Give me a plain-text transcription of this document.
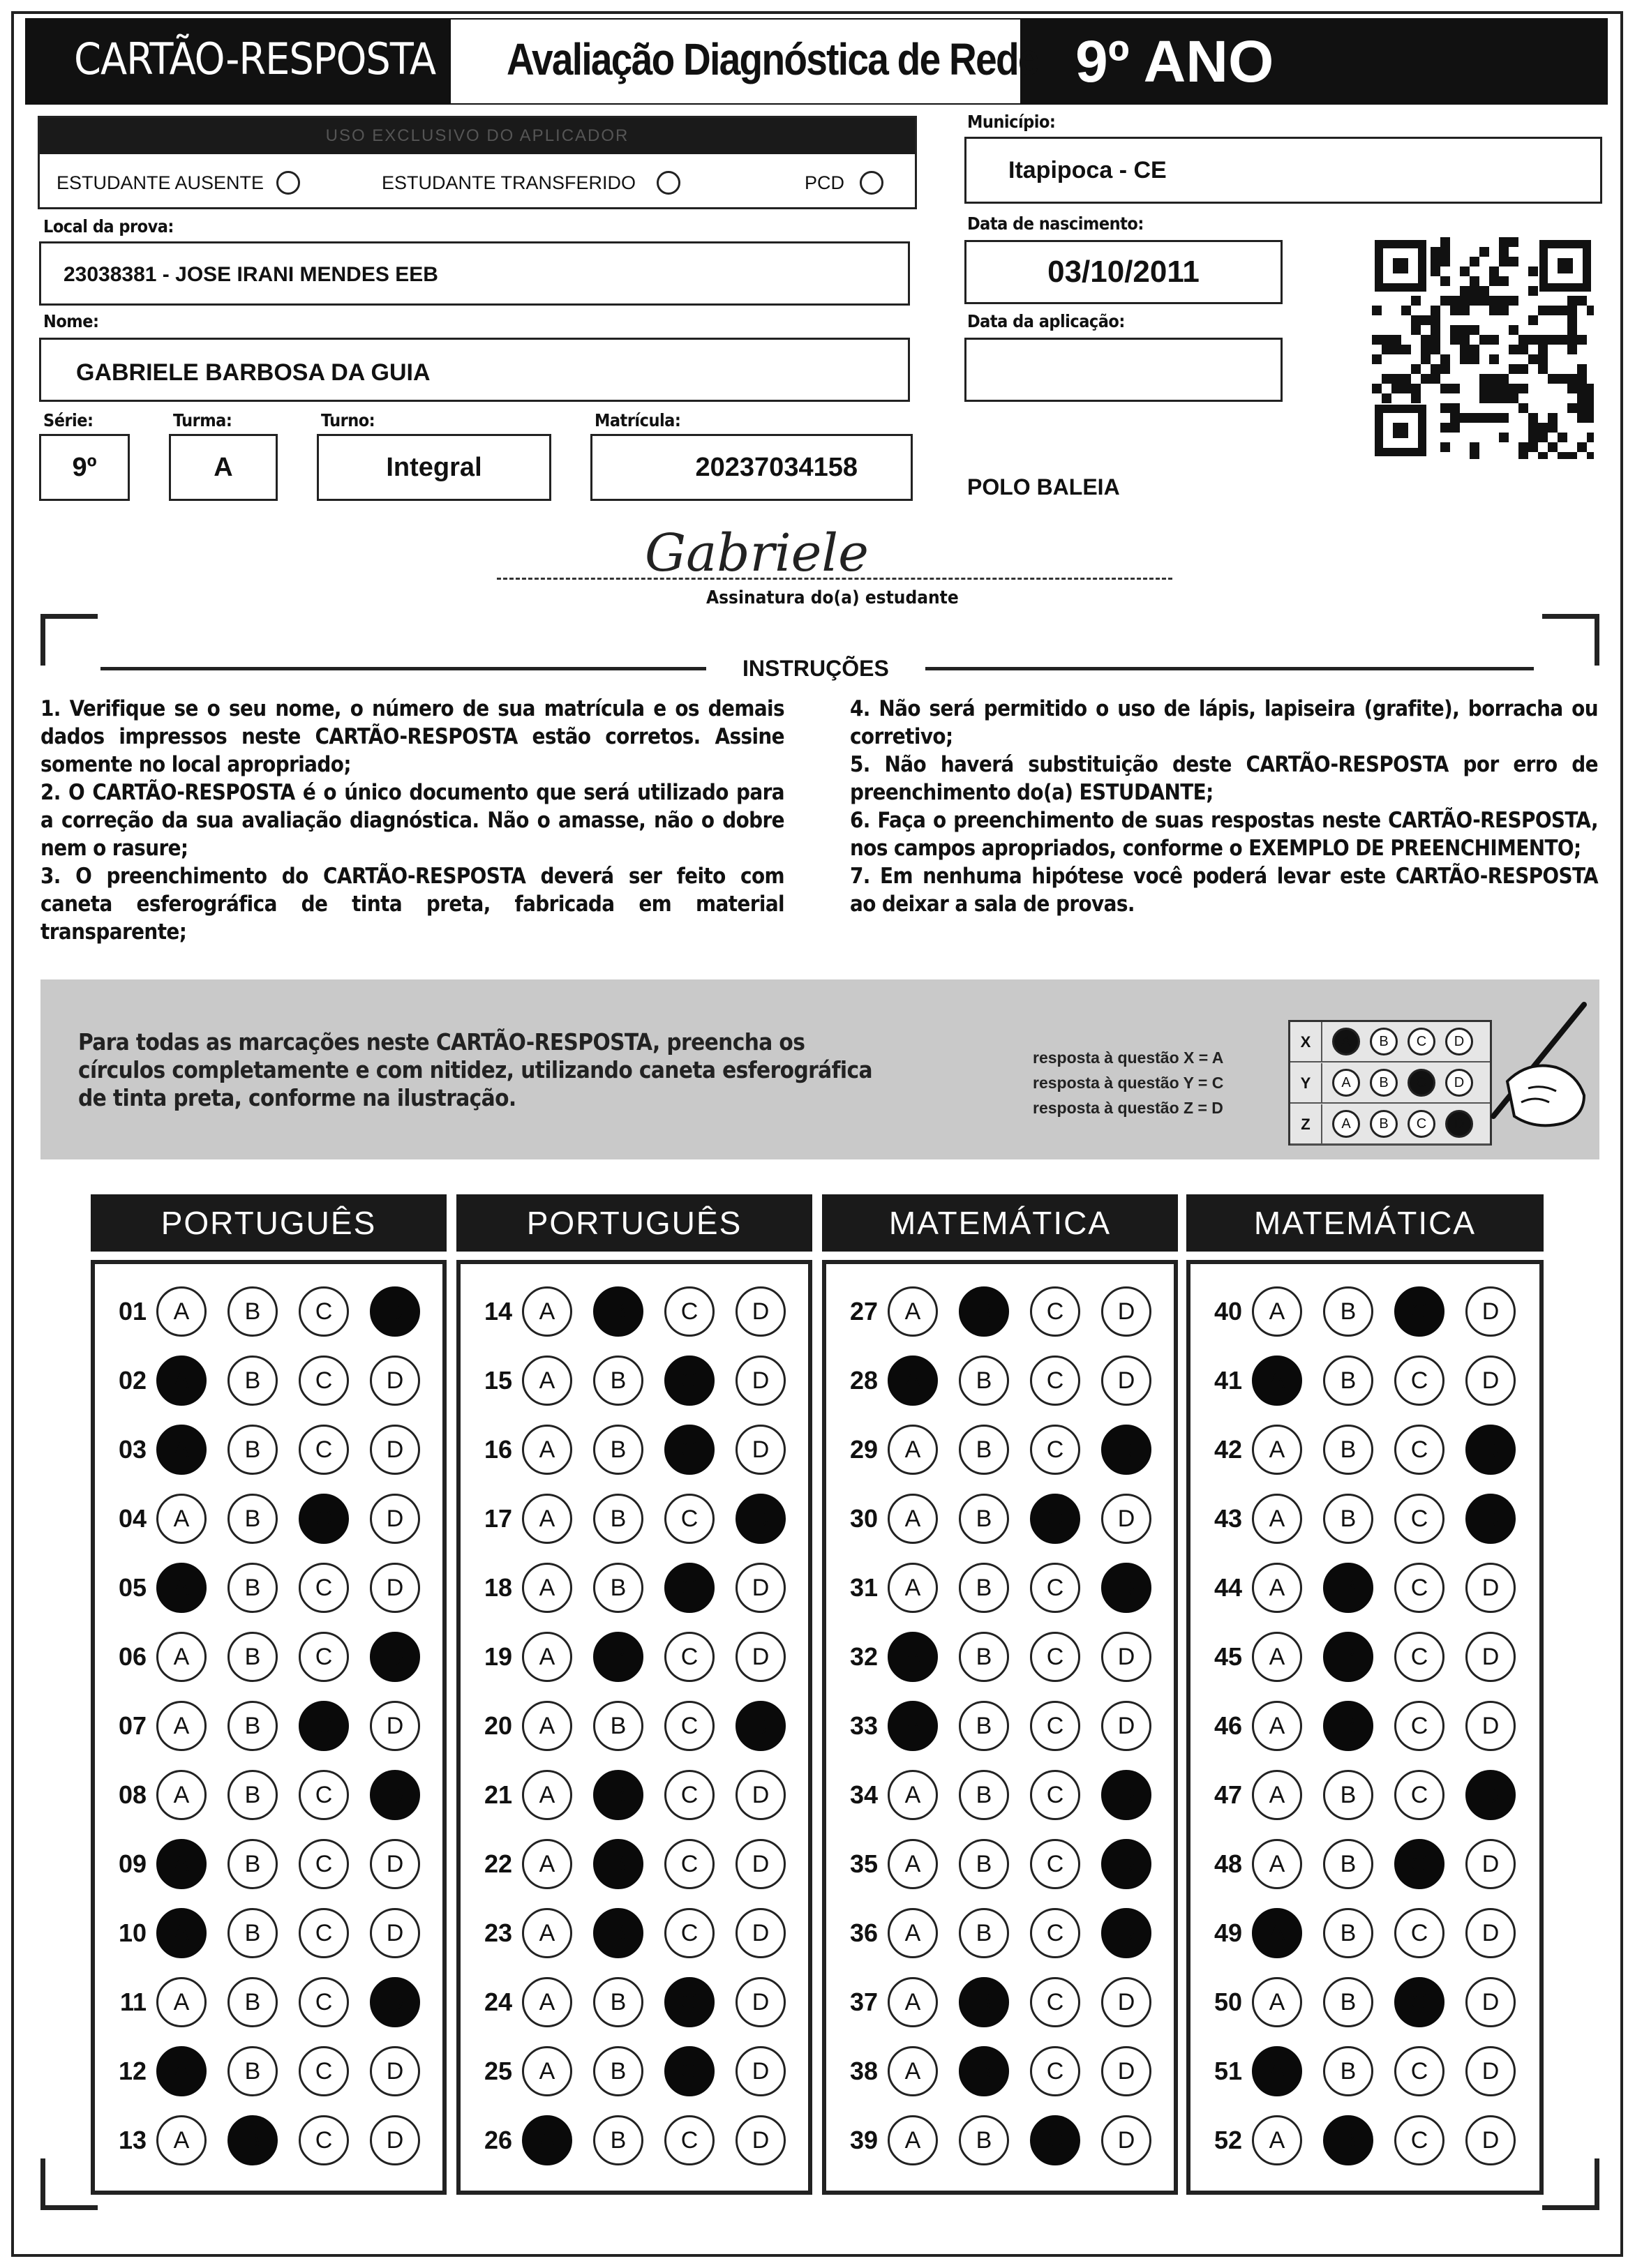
CARTÃO-RESPOSTA Avaliação Diagnóstica de Rede 9º ANO
USO EXCLUSIVO DO APLICADOR
ESTUDANTE AUSENTE	ESTUDANTE TRANSFERIDO	PCD
Município:
Itapipoca - CE
Local da prova:
23038381 - JOSE IRANI MENDES EEB
Data de nascimento:
03/10/2011
Nome:
GABRIELE BARBOSA DA GUIA
Data da aplicação:
Série:
9º
Turma:
A
Turno:
Integral
Matrícula:
20237034158
POLO BALEIA
Gabriele
Assinatura do(a) estudante
INSTRUÇÕES
1. Verifique se o seu nome, o número de sua matrícula e os demais dados impressos neste CARTÃO-RESPOSTA estão corretos. Assine somente no local apropriado;
2. O CARTÃO-RESPOSTA é o único documento que será utilizado para a correção da sua avaliação diagnóstica. Não o amasse, não o dobre nem o rasure;
3. O preenchimento do CARTÃO-RESPOSTA deverá ser feito com caneta esferográfica de tinta preta, fabricada em material transparente;
4. Não será permitido o uso de lápis, lapiseira (grafite), borracha ou corretivo;
5. Não haverá substituição deste CARTÃO-RESPOSTA por erro de preenchimento do(a) ESTUDANTE;
6. Faça o preenchimento de suas respostas neste CARTÃO-RESPOSTA, nos campos apropriados, conforme o EXEMPLO DE PREENCHIMENTO;
7. Em nenhuma hipótese você poderá levar este CARTÃO-RESPOSTA ao deixar a sala de provas.
Para todas as marcações neste CARTÃO-RESPOSTA, preencha os círculos completamente e com nitidez, utilizando caneta esferográfica de tinta preta, conforme na ilustração.
resposta à questão X = A
resposta à questão Y = C
resposta à questão Z = D
X	A	B	C	D
Y	A	B	C	D
Z	A	B	C	D
PORTUGUÊS	PORTUGUÊS	MATEMÁTICA	MATEMÁTICA
01	A	B	C	D
02	A	B	C	D
03	A	B	C	D
04	A	B	C	D
05	A	B	C	D
06	A	B	C	D
07	A	B	C	D
08	A	B	C	D
09	A	B	C	D
10	A	B	C	D
11	A	B	C	D
12	A	B	C	D
13	A	B	C	D
14	A	B	C	D
15	A	B	C	D
16	A	B	C	D
17	A	B	C	D
18	A	B	C	D
19	A	B	C	D
20	A	B	C	D
21	A	B	C	D
22	A	B	C	D
23	A	B	C	D
24	A	B	C	D
25	A	B	C	D
26	A	B	C	D
27	A	B	C	D
28	A	B	C	D
29	A	B	C	D
30	A	B	C	D
31	A	B	C	D
32	A	B	C	D
33	A	B	C	D
34	A	B	C	D
35	A	B	C	D
36	A	B	C	D
37	A	B	C	D
38	A	B	C	D
39	A	B	C	D
40	A	B	C	D
41	A	B	C	D
42	A	B	C	D
43	A	B	C	D
44	A	B	C	D
45	A	B	C	D
46	A	B	C	D
47	A	B	C	D
48	A	B	C	D
49	A	B	C	D
50	A	B	C	D
51	A	B	C	D
52	A	B	C	D
